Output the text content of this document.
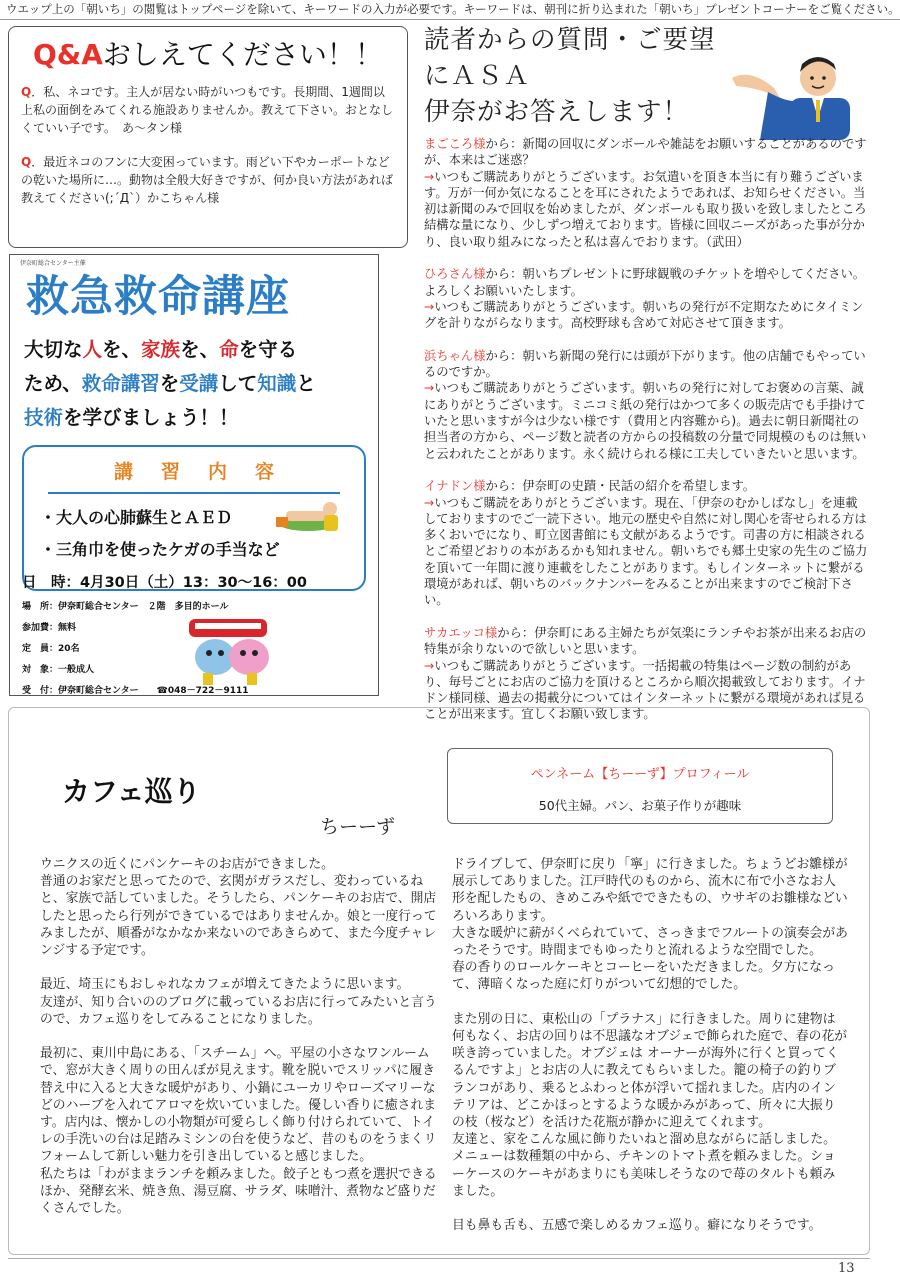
ウエップ上の「朝いち」の閲覧はトップページを除いて、キーワードの入力が必要です。キーワードは、朝刊に折り込まれた「朝いち」プレゼントコーナーをご覧ください。
Q&Aおしえてください！！
Q．私、ネコです。主人が居ない時がいつもです。長期間、1週間以上私の面倒をみてくれる施設ありませんか。教えて下さい。おとなしくていい子です。　あ～タン様
Q．最近ネコのフンに大変困っています。雨どい下やカーポートなどの乾いた場所に…。動物は全般大好きですが、何か良い方法があれば教えてください(;´Д`）かこちゃん様
伊奈町総合センター主催
救急救命講座
大切な人を、家族を、命を守る
ため、救命講習を受講して知識と
技術を学びましょう！！
講習内容
・大人の心肺蘇生とＡＥＤ
・三角巾を使ったケガの手当など
日　時：4月30日（土）13：30～16：00
場　所：伊奈町総合センター　２階　多目的ホール
参加費：無料
定　員：20名
対　象：一般成人
受　付：伊奈町総合センター　　☎048－722－9111
読者からの質問・ご要望にＡＳＡ
伊奈がお答えします！
まごころ様から：新聞の回収にダンボールや雑誌をお願いすることがあるのですが、本来はご迷惑？
→いつもご購読ありがとうございます。お気遣いを頂き本当に有り難うございます。万が一何か気になることを耳にされたようであれば、お知らせください。当初は新聞のみで回収を始めましたが、ダンボールも取り扱いを致しましたところ結構な量になり、少しずつ増えております。皆様に回収ニーズがあった事が分かり、良い取り組みになったと私は喜んでおります。（武田）
ひろさん様から：朝いちプレゼントに野球観戦のチケットを増やしてください。よろしくお願いいたします。
→いつもご購読ありがとうございます。朝いちの発行が不定期なためにタイミングを計りながらなります。高校野球も含めて対応させて頂きます。
浜ちゃん様から：朝いち新聞の発行には頭が下がります。他の店舗でもやっているのですか。
→いつもご購読ありがとうございます。朝いちの発行に対してお褒めの言葉、誠にありがとうございます。ミニコミ紙の発行はかつて多くの販売店でも手掛けていたと思いますが今は少ない様です（費用と内容難から)。過去に朝日新聞社の担当者の方から、ページ数と読者の方からの投稿数の分量で同規模のものは無いと云われたことがあります。永く続けられる様に工夫していきたいと思います。
イナドン様から：伊奈町の史蹟・民話の紹介を希望します。
→いつもご購読をありがとうございます。現在、「伊奈のむかしばなし」を連載しておりますのでご一読下さい。地元の歴史や自然に対し関心を寄せられる方は多くおいでになり、町立図書館にも文献があるようです。司書の方に相談されるとご希望どおりの本があるかも知れません。朝いちでも郷土史家の先生のご協力を頂いて一年間に渡り連載をしたことがあります。もしインターネットに繋がる環境があれば、朝いちのバックナンバーをみることが出来ますのでご検討下さい。
サカエッコ様から：伊奈町にある主婦たちが気楽にランチやお茶が出来るお店の特集が余りないので欲しいと思います。
→いつもご購読ありがとうございます。一括掲載の特集はページ数の制約があり、毎号ごとにお店のご協力を頂けるところから順次掲載致しております。イナドン様同様、過去の掲載分についてはインターネットに繋がる環境があれば見ることが出来ます。宜しくお願い致します。
カフェ巡り
ちーーず
ペンネーム【ちーーず】プロフィール
50代主婦。パン、お菓子作りが趣味

ウニクスの近くにパンケーキのお店ができました。
普通のお家だと思ってたので、玄関がガラスだし、変わっているねと、家族で話していました。そうしたら、パンケーキのお店で、開店したと思ったら行列ができているではありませんか。娘と一度行ってみましたが、順番がなかなか来ないのであきらめて、また今度チャレンジする予定です。

最近、埼玉にもおしゃれなカフェが増えてきたように思います。
友達が、知り合いののブログに載っているお店に行ってみたいと言うので、カフェ巡りをしてみることになりました。

最初に、東川中島にある、「スチーム」へ。平屋の小さなワンルームで、窓が大きく周りの田んぼが見えます。靴を脱いでスリッパに履き替え中に入ると大きな暖炉があり、小鍋にユーカリやローズマリーなどのハーブを入れてアロマを炊いていました。優しい香りに癒されます。店内は、懐かしの小物類が可愛らしく飾り付けられていて、トイレの手洗いの台は足踏みミシンの台を使うなど、昔のものをうまくリフォームして新しい魅力を引き出していると感じました。
私たちは「わがままランチを頼みました。餃子ともつ煮を選択できるほか、発酵玄米、焼き魚、湯豆腐、サラダ、味噌汁、煮物など盛りだくさんでした。

ドライブして、伊奈町に戻り「寧」に行きました。ちょうどお雛様が展示してありました。江戸時代のものから、流木に布で小さなお人形を配したもの、きめこみや紙でできたもの、ウサギのお雛様などいろいろあります。
大きな暖炉に薪がくべられていて、さっきまでフルートの演奏会があったそうです。時間までもゆったりと流れるような空間でした。
春の香りのロールケーキとコーヒーをいただきました。夕方になって、薄暗くなった庭に灯りがついて幻想的でした。

また別の日に、東松山の「プラナス」に行きました。周りに建物は何もなく、お店の回りは不思議なオブジェで飾られた庭で、春の花が咲き誇っていました。オブジェは オーナーが海外に行くと買ってくるんですよ」とお店の人に教えてもらいました。籠の椅子の釣りブランコがあり、乗るとふわっと体が浮いて揺れました。店内のインテリアは、どこかほっとするような暖かみがあって、所々に大振りの枝（桜など）を活けた花瓶が静かに迎えてくれます。
友達と、家をこんな風に飾りたいねと溜め息ながらに話しました。
メニューは数種類の中から、チキンのトマト煮を頼みました。ショーケースのケーキがあまりにも美味しそうなので苺のタルトも頼みました。

目も鼻も舌も、五感で楽しめるカフェ巡り。癖になりそうです。

13
